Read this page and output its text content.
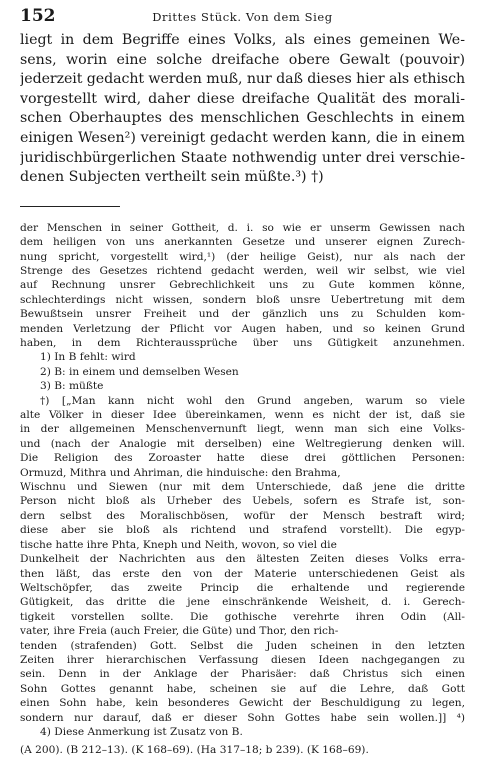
152	Drittes Stück. Von dem Sieg
liegt in dem Begriffe eines Volks, als eines gemeinen We-
sens, worin eine solche dreifache obere Gewalt (pouvoir)
jederzeit gedacht werden muß, nur daß dieses hier als ethisch
vorgestellt wird, daher diese dreifache Qualität des morali-
schen Oberhauptes des menschlichen Geschlechts in einem
einigen Wesen²) vereinigt gedacht werden kann, die in einem
juridischbürgerlichen Staate nothwendig unter drei verschie-
denen Subjecten vertheilt sein müßte.³) †)
der Menschen in seiner Gottheit, d. i. so wie er unserm Gewissen nach
dem heiligen von uns anerkannten Gesetze und unserer eignen Zurech-
nung spricht, vorgestellt wird,¹) (der heilige Geist), nur als nach der
Strenge des Gesetzes richtend gedacht werden, weil wir selbst, wie viel
auf Rechnung unsrer Gebrechlichkeit uns zu Gute kommen könne,
schlechterdings nicht wissen, sondern bloß unsre Uebertretung mit dem
Bewußtsein unsrer Freiheit und der gänzlich uns zu Schulden kom-
menden Verletzung der Pflicht vor Augen haben, und so keinen Grund
haben, in dem Richteraussprüche über uns Gütigkeit anzunehmen.
1) In B fehlt: wird
2) B: in einem und demselben Wesen
3) B: müßte
†) [„Man kann nicht wohl den Grund angeben, warum so viele
alte Völker in dieser Idee übereinkamen, wenn es nicht der ist, daß sie
in der allgemeinen Menschenvernunft liegt, wenn man sich eine Volks-
und (nach der Analogie mit derselben) eine Weltregierung denken will.
Die Religion des Zoroaster hatte diese drei göttlichen Personen:
Ormuzd, Mithra und Ahriman, die hinduische: den Brahma,
Wischnu und Siewen (nur mit dem Unterschiede, daß jene die dritte
Person nicht bloß als Urheber des Uebels, sofern es Strafe ist, son-
dern selbst des Moralischbösen, wofür der Mensch bestraft wird;
diese aber sie bloß als richtend und strafend vorstellt). Die egyp-
tische hatte ihre Phta, Kneph und Neith, wovon, so viel die
Dunkelheit der Nachrichten aus den ältesten Zeiten dieses Volks erra-
then läßt, das erste den von der Materie unterschiedenen Geist als
Weltschöpfer, das zweite Princip die erhaltende und regierende
Gütigkeit, das dritte die jene einschränkende Weisheit, d. i. Gerech-
tigkeit vorstellen sollte. Die gothische verehrte ihren Odin (All-
vater, ihre Freia (auch Freier, die Güte) und Thor, den rich-
tenden (strafenden) Gott. Selbst die Juden scheinen in den letzten
Zeiten ihrer hierarchischen Verfassung diesen Ideen nachgegangen zu
sein. Denn in der Anklage der Pharisäer: daß Christus sich einen
Sohn Gottes genannt habe, scheinen sie auf die Lehre, daß Gott
einen Sohn habe, kein besonderes Gewicht der Beschuldigung zu legen,
sondern nur darauf, daß er dieser Sohn Gottes habe sein wollen.]] ⁴)
4) Diese Anmerkung ist Zusatz von B.
(A 200). (B 212–13). (K 168–69). (Ha 317–18; b 239). (K 168–69).
